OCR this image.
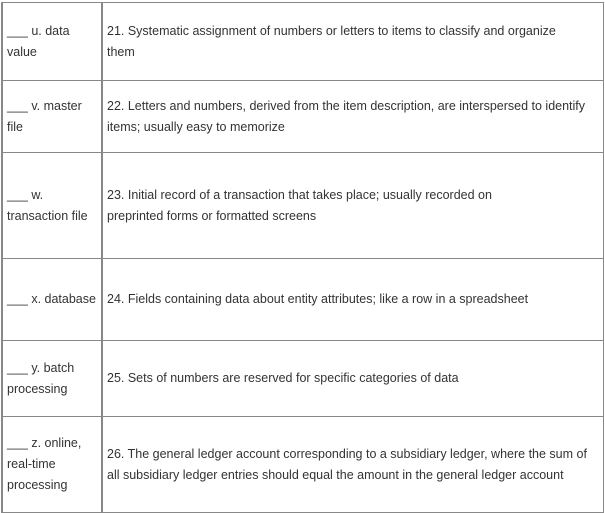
___ u. data value	21. Systematic assignment of numbers or letters to items to classify and organize them
___ v. master file	22. Letters and numbers, derived from the item description, are interspersed to identify items; usually easy to memorize
___ w. transaction file	23. Initial record of a transaction that takes place; usually recorded on preprinted forms or formatted screens
___ x. database	24. Fields containing data about entity attributes; like a row in a spreadsheet
___ y. batch processing	25. Sets of numbers are reserved for specific categories of data
___ z. online, real-time processing	26. The general ledger account corresponding to a subsidiary ledger, where the sum of all subsidiary ledger entries should equal the amount in the general ledger account
